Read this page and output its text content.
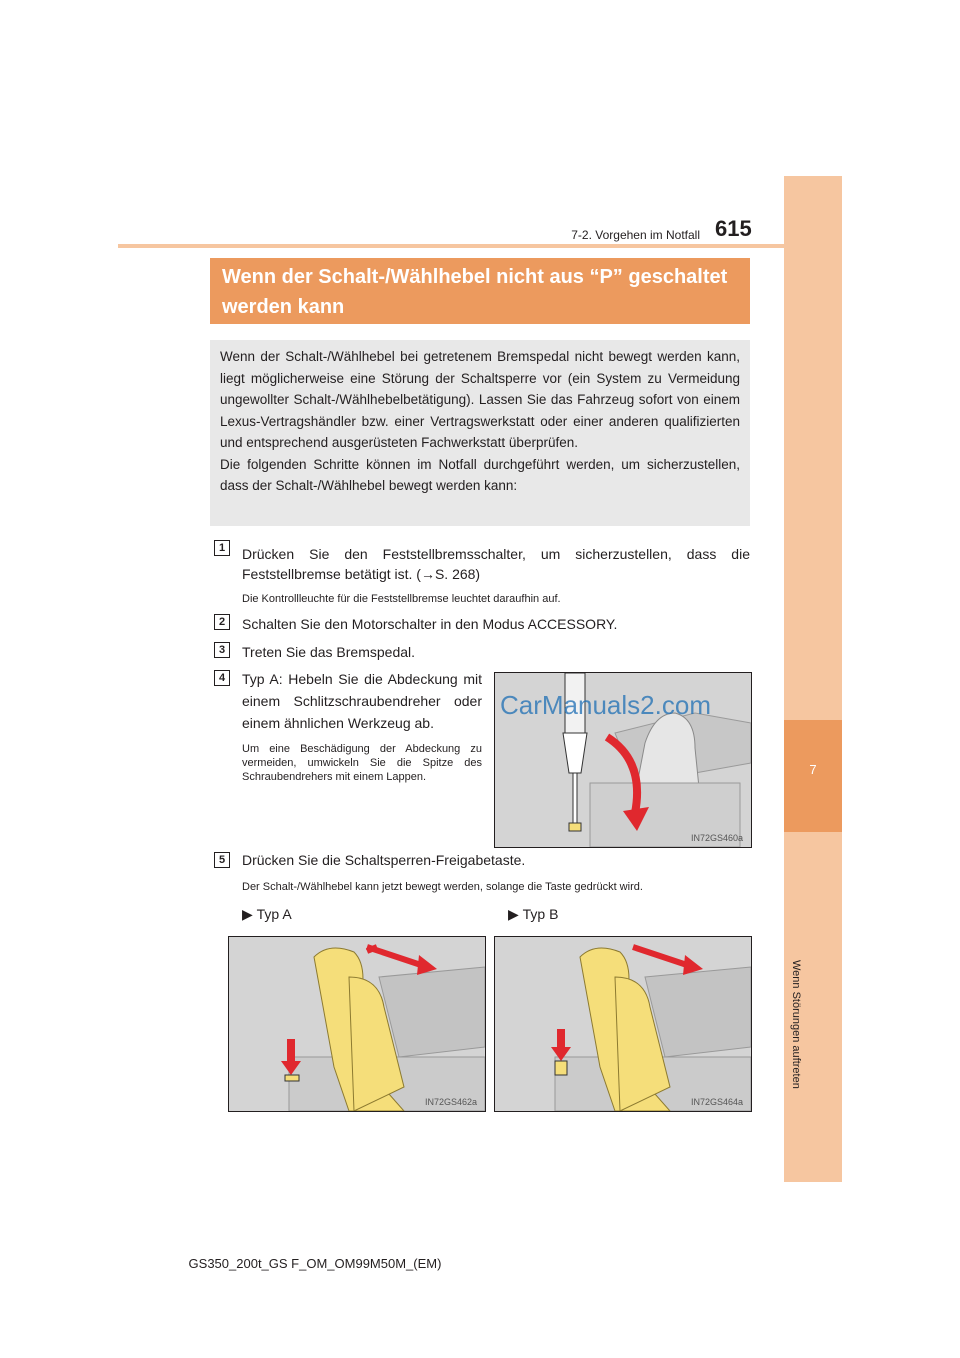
7
Wenn Störungen auftreten
7-2. Vorgehen im Notfall 615
Wenn der Schalt-/Wählhebel nicht aus “P” geschaltet
werden kann

Wenn der Schalt-/Wählhebel bei getretenem Bremspedal nicht bewegt werden kann, liegt möglicherweise eine Störung der Schaltsperre vor (ein System zu Vermeidung ungewollter Schalt-/Wählhebelbetätigung). Lassen Sie das Fahrzeug sofort von einem Lexus-Vertragshändler bzw. einer Vertragswerkstatt oder einer anderen qualifizierten und entsprechend ausgerüsteten Fachwerkstatt überprüfen.

Die folgenden Schritte können im Notfall durchgeführt werden, um sicherzustellen, dass der Schalt-/Wählhebel bewegt werden kann:

1	Drücken Sie den Feststellbremsschalter, um sicherzustellen, dass die Feststellbremse betätigt ist. (→S. 268)
Die Kontrollleuchte für die Feststellbremse leuchtet daraufhin auf.
2	Schalten Sie den Motorschalter in den Modus ACCESSORY.
3	Treten Sie das Bremspedal.
4	Typ A: Hebeln Sie die Abdeckung mit einem Schlitzschraubendreher oder einem ähnlichen Werkzeug ab.
Um eine Beschädigung der Abdeckung zu vermeiden, umwickeln Sie die Spitze des Schraubendrehers mit einem Lappen.
IN72GS460a
CarManuals2.com
5	Drücken Sie die Schaltsperren-Freigabetaste.
Der Schalt-/Wählhebel kann jetzt bewegt werden, solange die Taste gedrückt wird.
▶ Typ A	▶ Typ B
IN72GS462a	IN72GS464a
GS350_200t_GS F_OM_OM99M50M_(EM)
